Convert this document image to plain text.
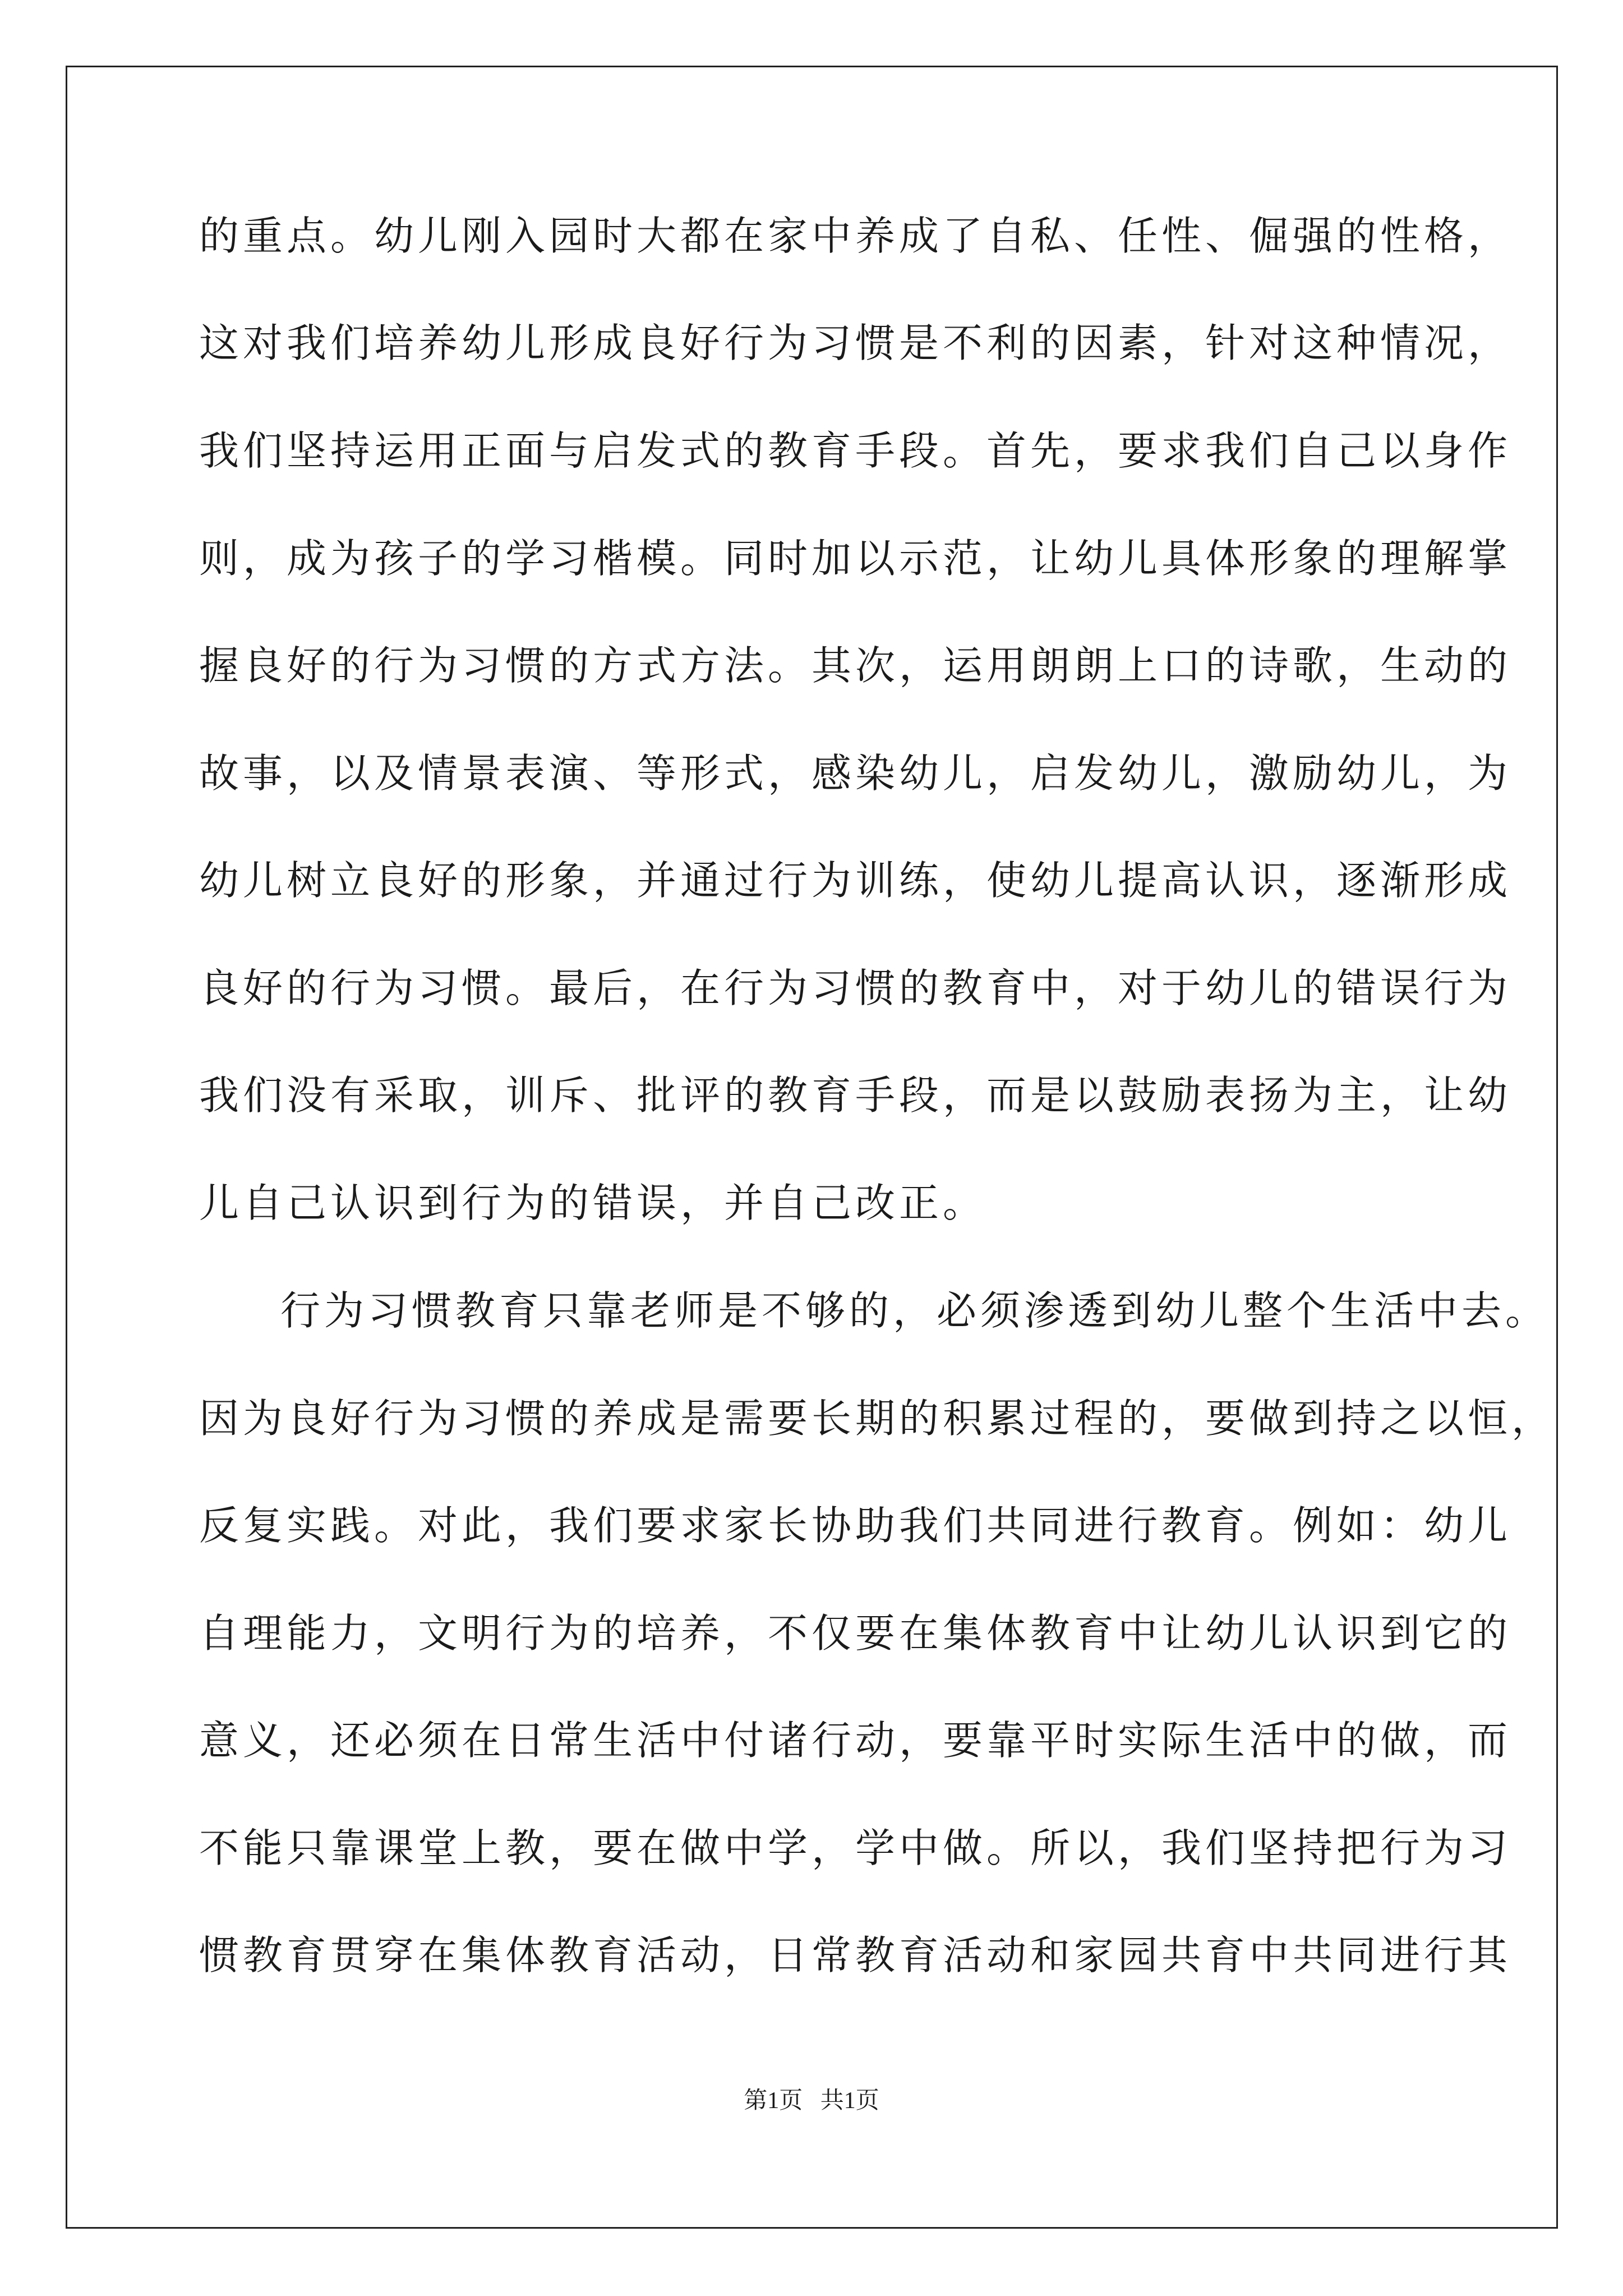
的重点。幼儿刚入园时大都在家中养成了自私、任性、倔强的性格，
这对我们培养幼儿形成良好行为习惯是不利的因素，针对这种情况，
我们坚持运用正面与启发式的教育手段。首先，要求我们自己以身作
则，成为孩子的学习楷模。同时加以示范，让幼儿具体形象的理解掌
握良好的行为习惯的方式方法。其次，运用朗朗上口的诗歌，生动的
故事，以及情景表演、等形式，感染幼儿，启发幼儿，激励幼儿，为
幼儿树立良好的形象，并通过行为训练，使幼儿提高认识，逐渐形成
良好的行为习惯。最后，在行为习惯的教育中，对于幼儿的错误行为
我们没有采取，训斥、批评的教育手段，而是以鼓励表扬为主，让幼
儿自己认识到行为的错误，并自己改正。
行为习惯教育只靠老师是不够的，必须渗透到幼儿整个生活中去。
因为良好行为习惯的养成是需要长期的积累过程的，要做到持之以恒，
反复实践。对此，我们要求家长协助我们共同进行教育。例如：幼儿
自理能力，文明行为的培养，不仅要在集体教育中让幼儿认识到它的
意义，还必须在日常生活中付诸行动，要靠平时实际生活中的做，而
不能只靠课堂上教，要在做中学，学中做。所以，我们坚持把行为习
惯教育贯穿在集体教育活动，日常教育活动和家园共育中共同进行其
第1页   共1页
